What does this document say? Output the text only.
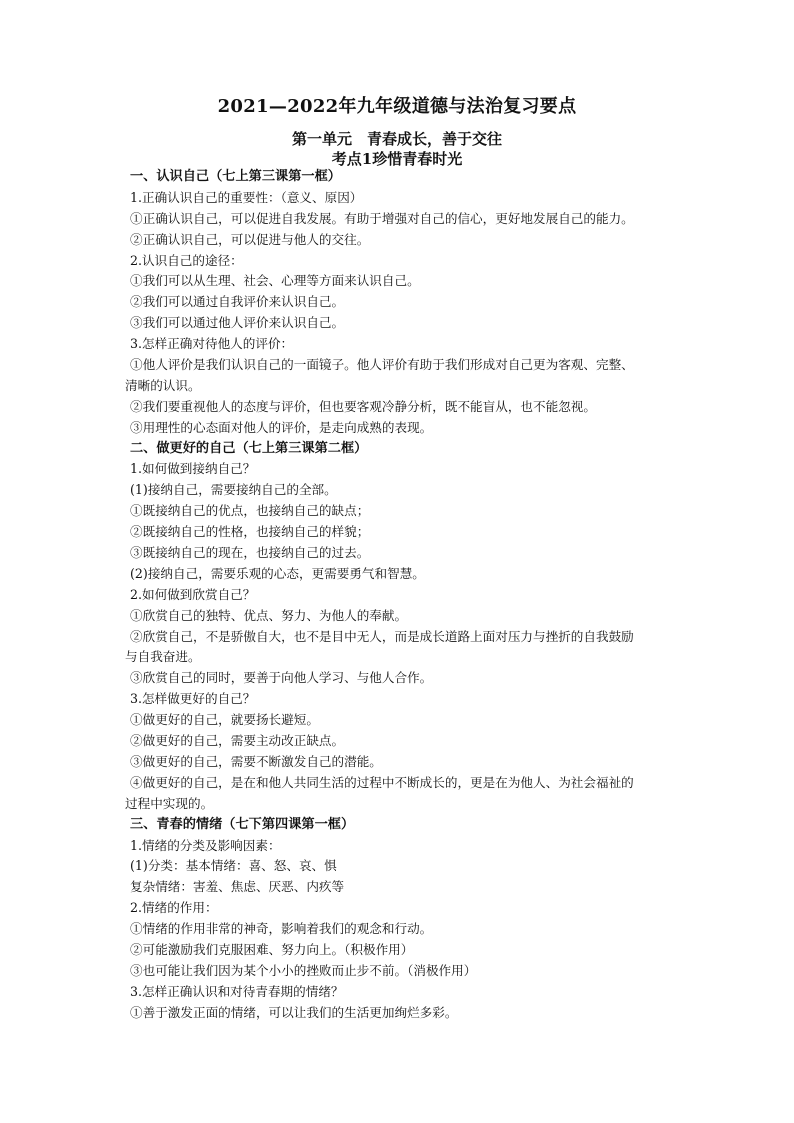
2021—2022年九年级道德与法治复习要点
第一单元　青春成长，善于交往
考点1珍惜青春时光
一、认识自己（七上第三课第一框）
1.正确认识自己的重要性：（意义、原因）
①正确认识自己，可以促进自我发展。有助于增强对自己的信心，更好地发展自己的能力。
②正确认识自己，可以促进与他人的交往。
2.认识自己的途径：
①我们可以从生理、社会、心理等方面来认识自己。
②我们可以通过自我评价来认识自己。
③我们可以通过他人评价来认识自己。
3.怎样正确对待他人的评价：
①他人评价是我们认识自己的一面镜子。他人评价有助于我们形成对自己更为客观、完整、
清晰的认识。
②我们要重视他人的态度与评价，但也要客观冷静分析，既不能盲从，也不能忽视。
③用理性的心态面对他人的评价，是走向成熟的表现。
二、做更好的自己（七上第三课第二框）
1.如何做到接纳自己？
(1)接纳自己，需要接纳自己的全部。
①既接纳自己的优点，也接纳自己的缺点；
②既接纳自己的性格，也接纳自己的样貌；
③既接纳自己的现在，也接纳自己的过去。
(2)接纳自己，需要乐观的心态，更需要勇气和智慧。
2.如何做到欣赏自己？
①欣赏自己的独特、优点、努力、为他人的奉献。
②欣赏自己，不是骄傲自大，也不是目中无人，而是成长道路上面对压力与挫折的自我鼓励
与自我奋进。
③欣赏自己的同时，要善于向他人学习、与他人合作。
3.怎样做更好的自己？
①做更好的自己，就要扬长避短。
②做更好的自己，需要主动改正缺点。
③做更好的自己，需要不断激发自己的潜能。
④做更好的自己，是在和他人共同生活的过程中不断成长的，更是在为他人、为社会福祉的
过程中实现的。
三、青春的情绪（七下第四课第一框）
1.情绪的分类及影响因素：
(1)分类：基本情绪：喜、怒、哀、惧
复杂情绪：害羞、焦虑、厌恶、内疚等
2.情绪的作用：
①情绪的作用非常的神奇，影响着我们的观念和行动。
②可能激励我们克服困难、努力向上。（积极作用）
③也可能让我们因为某个小小的挫败而止步不前。（消极作用）
3.怎样正确认识和对待青春期的情绪？
①善于激发正面的情绪，可以让我们的生活更加绚烂多彩。
